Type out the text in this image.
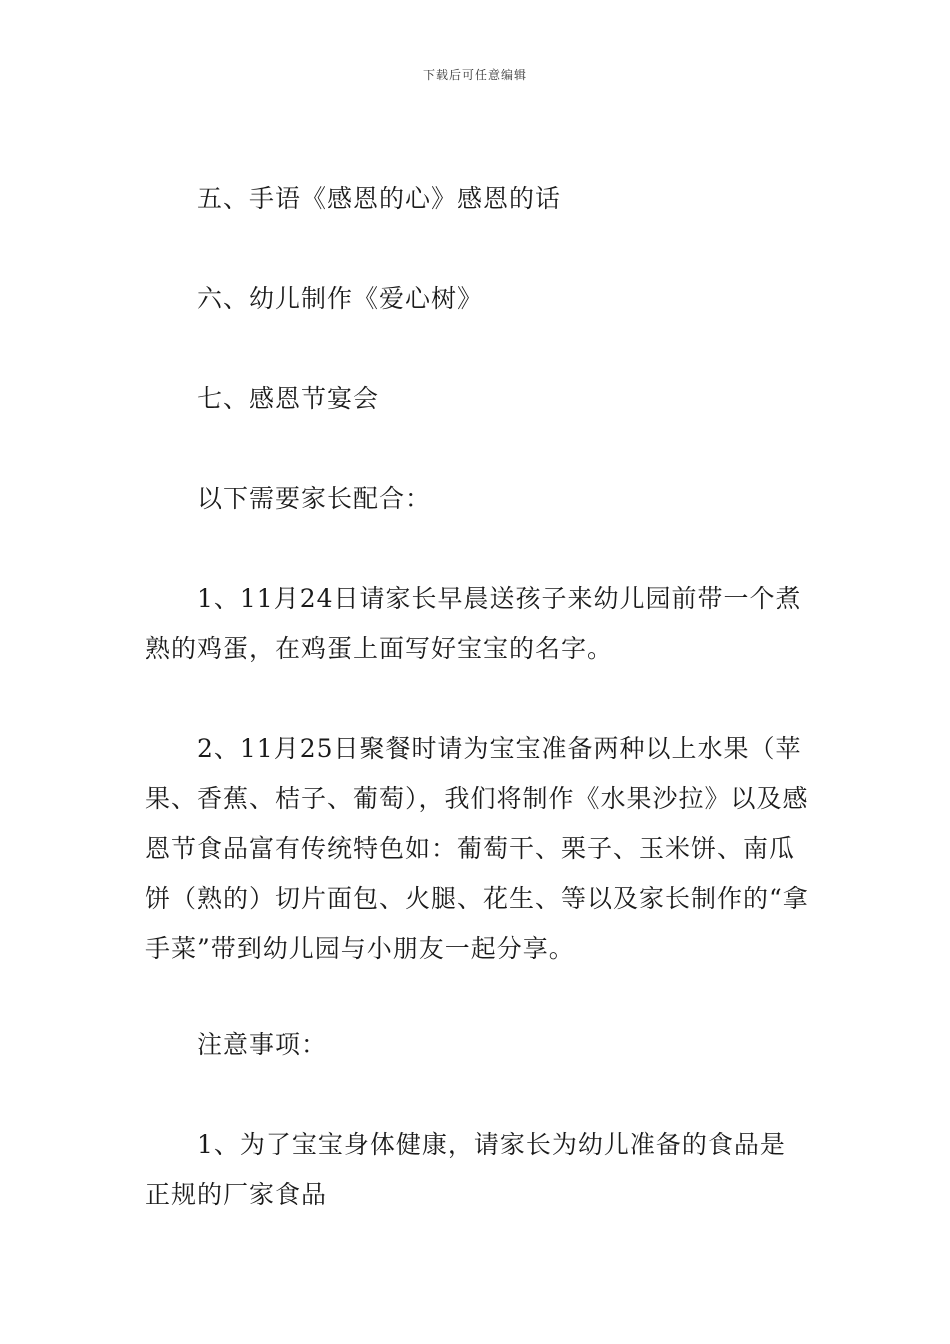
下载后可任意编辑

五、手语《感恩的心》感恩的话

六、幼儿制作《爱心树》

七、感恩节宴会

以下需要家长配合：

1、11月24日请家长早晨送孩子来幼儿园前带一个煮熟的鸡蛋，在鸡蛋上面写好宝宝的名字。

2、11月25日聚餐时请为宝宝准备两种以上水果（苹果、香蕉、桔子、葡萄），我们将制作《水果沙拉》以及感恩节食品富有传统特色如：葡萄干、栗子、玉米饼、南瓜饼（熟的）切片面包、火腿、花生、等以及家长制作的“拿手菜”带到幼儿园与小朋友一起分享。

注意事项：

1、为了宝宝身体健康，请家长为幼儿准备的食品是正规的厂家食品
